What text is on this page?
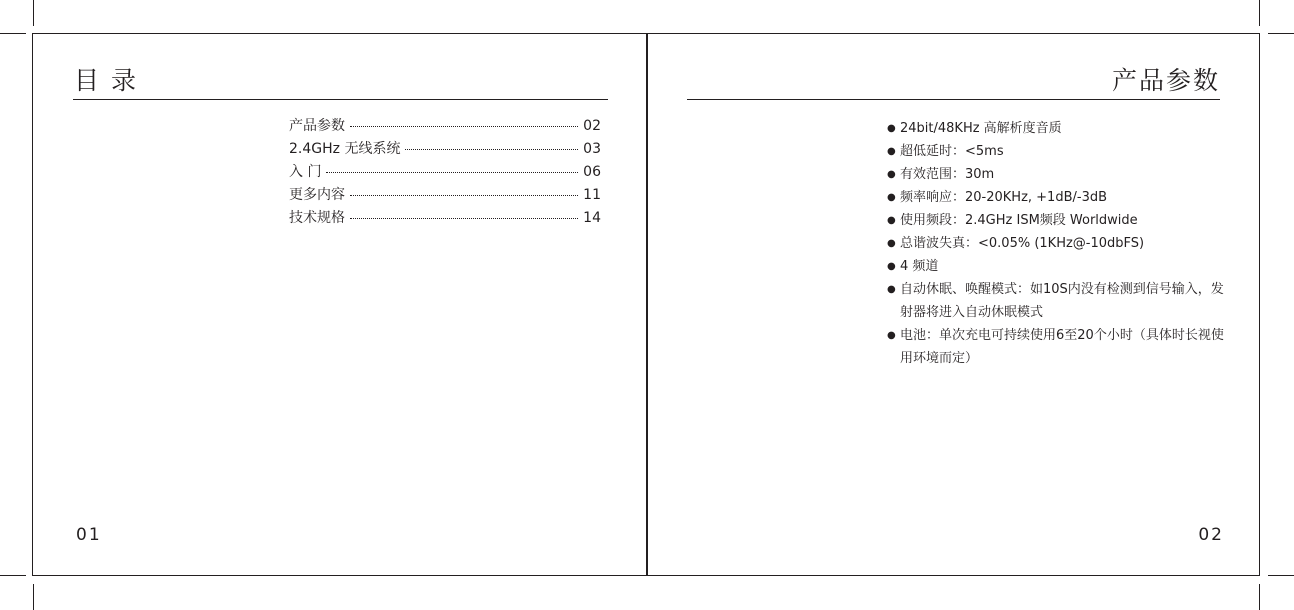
目 录
产品参数	02
2.4GHz 无线系统	03
入 门	06
更多内容	11
技术规格	14
01
产品参数
● 24bit/48KHz 高解析度音质
● 超低延时：<5ms
● 有效范围：30m
● 频率响应：20-20KHz, +1dB/-3dB
● 使用频段：2.4GHz ISM频段 Worldwide
● 总谐波失真：<0.05% (1KHz@-10dbFS)
● 4 频道
● 自动休眠、唤醒模式：如10S内没有检测到信号输入，发射器将进入自动休眠模式
● 电池：单次充电可持续使用6至20个小时（具体时长视使用环境而定）
02
